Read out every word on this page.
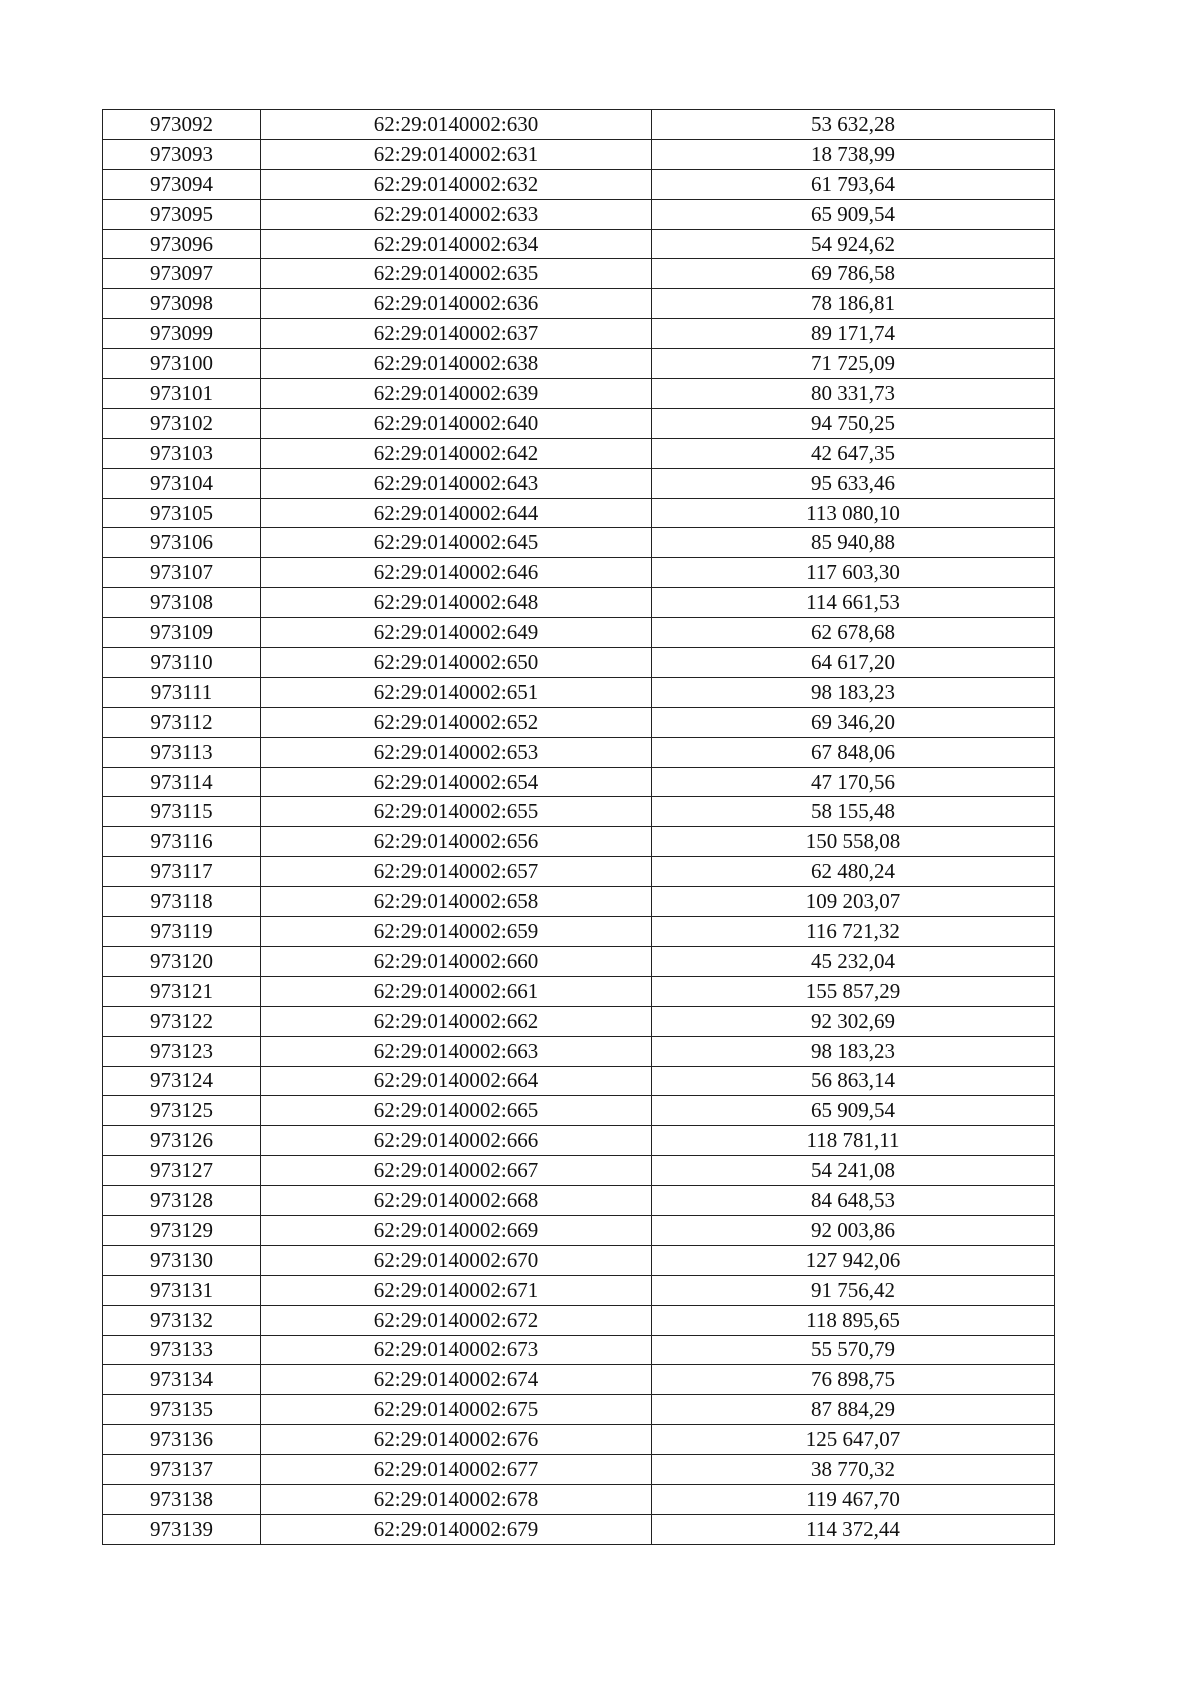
973092	62:29:0140002:630	53 632,28
973093	62:29:0140002:631	18 738,99
973094	62:29:0140002:632	61 793,64
973095	62:29:0140002:633	65 909,54
973096	62:29:0140002:634	54 924,62
973097	62:29:0140002:635	69 786,58
973098	62:29:0140002:636	78 186,81
973099	62:29:0140002:637	89 171,74
973100	62:29:0140002:638	71 725,09
973101	62:29:0140002:639	80 331,73
973102	62:29:0140002:640	94 750,25
973103	62:29:0140002:642	42 647,35
973104	62:29:0140002:643	95 633,46
973105	62:29:0140002:644	113 080,10
973106	62:29:0140002:645	85 940,88
973107	62:29:0140002:646	117 603,30
973108	62:29:0140002:648	114 661,53
973109	62:29:0140002:649	62 678,68
973110	62:29:0140002:650	64 617,20
973111	62:29:0140002:651	98 183,23
973112	62:29:0140002:652	69 346,20
973113	62:29:0140002:653	67 848,06
973114	62:29:0140002:654	47 170,56
973115	62:29:0140002:655	58 155,48
973116	62:29:0140002:656	150 558,08
973117	62:29:0140002:657	62 480,24
973118	62:29:0140002:658	109 203,07
973119	62:29:0140002:659	116 721,32
973120	62:29:0140002:660	45 232,04
973121	62:29:0140002:661	155 857,29
973122	62:29:0140002:662	92 302,69
973123	62:29:0140002:663	98 183,23
973124	62:29:0140002:664	56 863,14
973125	62:29:0140002:665	65 909,54
973126	62:29:0140002:666	118 781,11
973127	62:29:0140002:667	54 241,08
973128	62:29:0140002:668	84 648,53
973129	62:29:0140002:669	92 003,86
973130	62:29:0140002:670	127 942,06
973131	62:29:0140002:671	91 756,42
973132	62:29:0140002:672	118 895,65
973133	62:29:0140002:673	55 570,79
973134	62:29:0140002:674	76 898,75
973135	62:29:0140002:675	87 884,29
973136	62:29:0140002:676	125 647,07
973137	62:29:0140002:677	38 770,32
973138	62:29:0140002:678	119 467,70
973139	62:29:0140002:679	114 372,44
